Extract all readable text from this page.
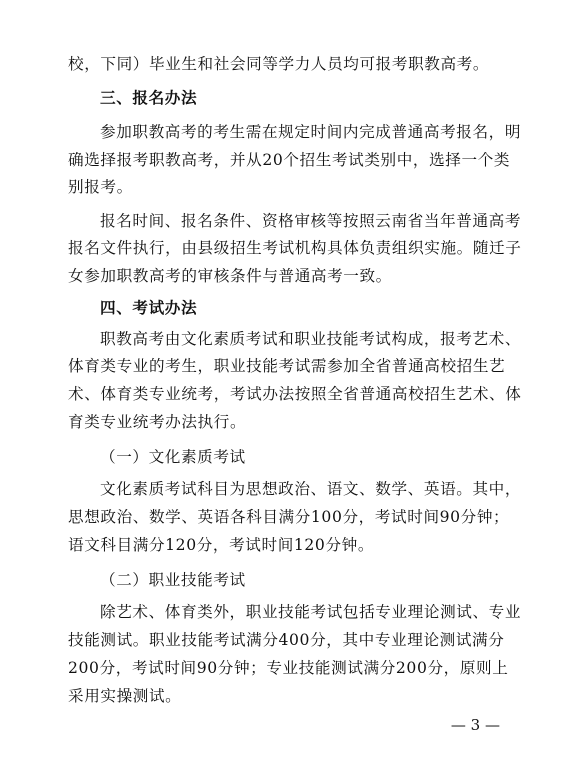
校，下同）毕业生和社会同等学力人员均可报考职教高考。
三、报名办法
参加职教高考的考生需在规定时间内完成普通高考报名，明
确选择报考职教高考，并从20个招生考试类别中，选择一个类
别报考。
报名时间、报名条件、资格审核等按照云南省当年普通高考
报名文件执行，由县级招生考试机构具体负责组织实施。随迁子
女参加职教高考的审核条件与普通高考一致。
四、考试办法
职教高考由文化素质考试和职业技能考试构成，报考艺术、
体育类专业的考生，职业技能考试需参加全省普通高校招生艺
术、体育类专业统考，考试办法按照全省普通高校招生艺术、体
育类专业统考办法执行。
（一）文化素质考试
文化素质考试科目为思想政治、语文、数学、英语。其中，
思想政治、数学、英语各科目满分100分，考试时间90分钟；
语文科目满分120分，考试时间120分钟。
（二）职业技能考试
除艺术、体育类外，职业技能考试包括专业理论测试、专业
技能测试。职业技能考试满分400分，其中专业理论测试满分
200分，考试时间90分钟；专业技能测试满分200分，原则上
采用实操测试。
— 3 —
